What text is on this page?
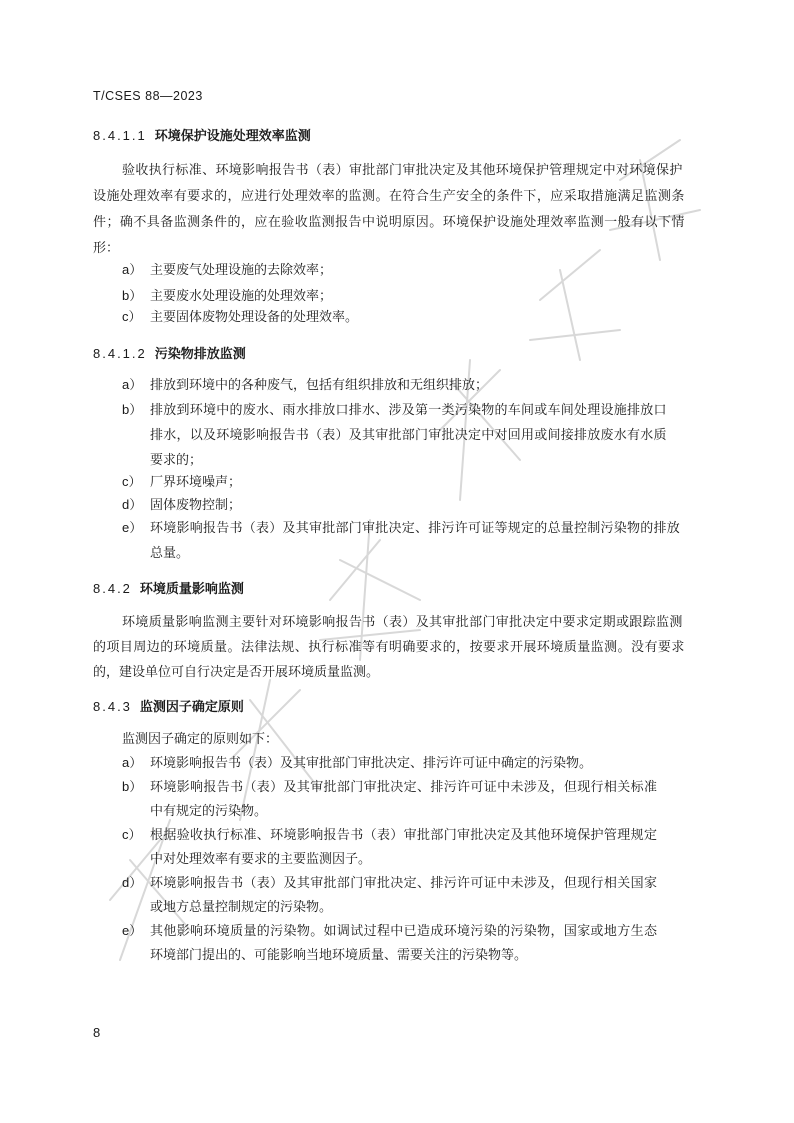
T/CSES 88—2023
8.4.1.1 环境保护设施处理效率监测
验收执行标准、环境影响报告书（表）审批部门审批决定及其他环境保护管理规定中对环境保护
设施处理效率有要求的，应进行处理效率的监测。在符合生产安全的条件下，应采取措施满足监测条
件；确不具备监测条件的，应在验收监测报告中说明原因。环境保护设施处理效率监测一般有以下情
形：
a） 主要废气处理设施的去除效率；
b） 主要废水处理设施的处理效率；
c） 主要固体废物处理设备的处理效率。
8.4.1.2 污染物排放监测
a） 排放到环境中的各种废气，包括有组织排放和无组织排放；
b） 排放到环境中的废水、雨水排放口排水、涉及第一类污染物的车间或车间处理设施排放口
排水，以及环境影响报告书（表）及其审批部门审批决定中对回用或间接排放废水有水质
要求的；
c） 厂界环境噪声；
d） 固体废物控制；
e） 环境影响报告书（表）及其审批部门审批决定、排污许可证等规定的总量控制污染物的排放
总量。
8.4.2 环境质量影响监测
环境质量影响监测主要针对环境影响报告书（表）及其审批部门审批决定中要求定期或跟踪监测
的项目周边的环境质量。法律法规、执行标准等有明确要求的，按要求开展环境质量监测。没有要求
的，建设单位可自行决定是否开展环境质量监测。
8.4.3 监测因子确定原则
监测因子确定的原则如下：
a） 环境影响报告书（表）及其审批部门审批决定、排污许可证中确定的污染物。
b） 环境影响报告书（表）及其审批部门审批决定、排污许可证中未涉及，但现行相关标准
中有规定的污染物。
c） 根据验收执行标准、环境影响报告书（表）审批部门审批决定及其他环境保护管理规定
中对处理效率有要求的主要监测因子。
d） 环境影响报告书（表）及其审批部门审批决定、排污许可证中未涉及，但现行相关国家
或地方总量控制规定的污染物。
e） 其他影响环境质量的污染物。如调试过程中已造成环境污染的污染物，国家或地方生态
环境部门提出的、可能影响当地环境质量、需要关注的污染物等。
8
